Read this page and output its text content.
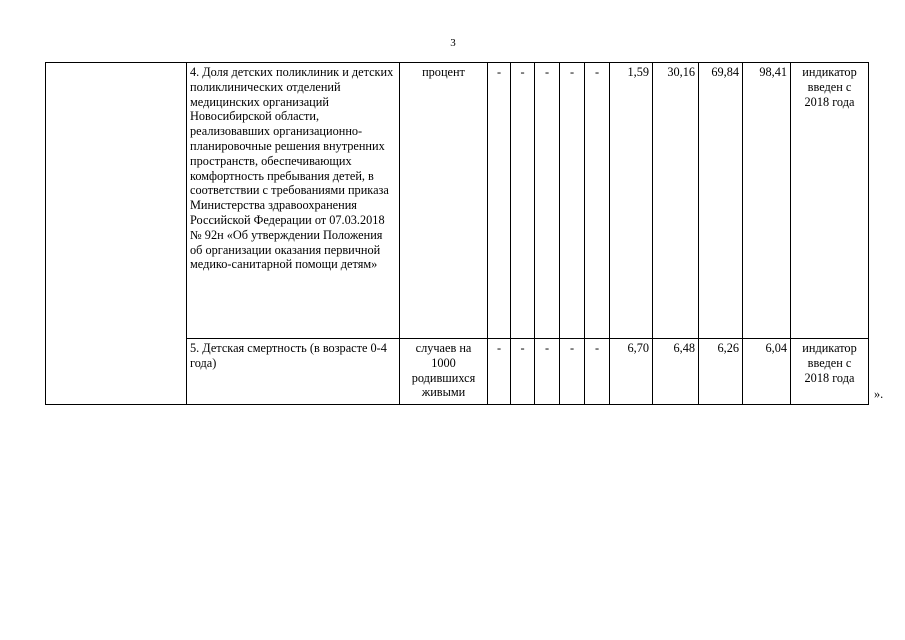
3
	4. Доля детских поликлиник и детских поликлинических отделений медицинских организаций Новосибирской области, реализовавших организационно-планировочные решения внутренних пространств, обеспечивающих комфортность пребывания детей, в соответствии с требованиями приказа Министерства здравоохранения Российской Федерации от 07.03.2018 № 92н «Об утверждении Положения об организации оказания первичной медико-санитарной помощи детям»	процент	-	-	-	-	-	1,59	30,16	69,84	98,41	индикатор введен с 2018 года
	5. Детская смертность (в возрасте 0-4 года)	случаев на 1000 родившихся живыми	-	-	-	-	-	6,70	6,48	6,26	6,04	индикатор введен с 2018 года
».
